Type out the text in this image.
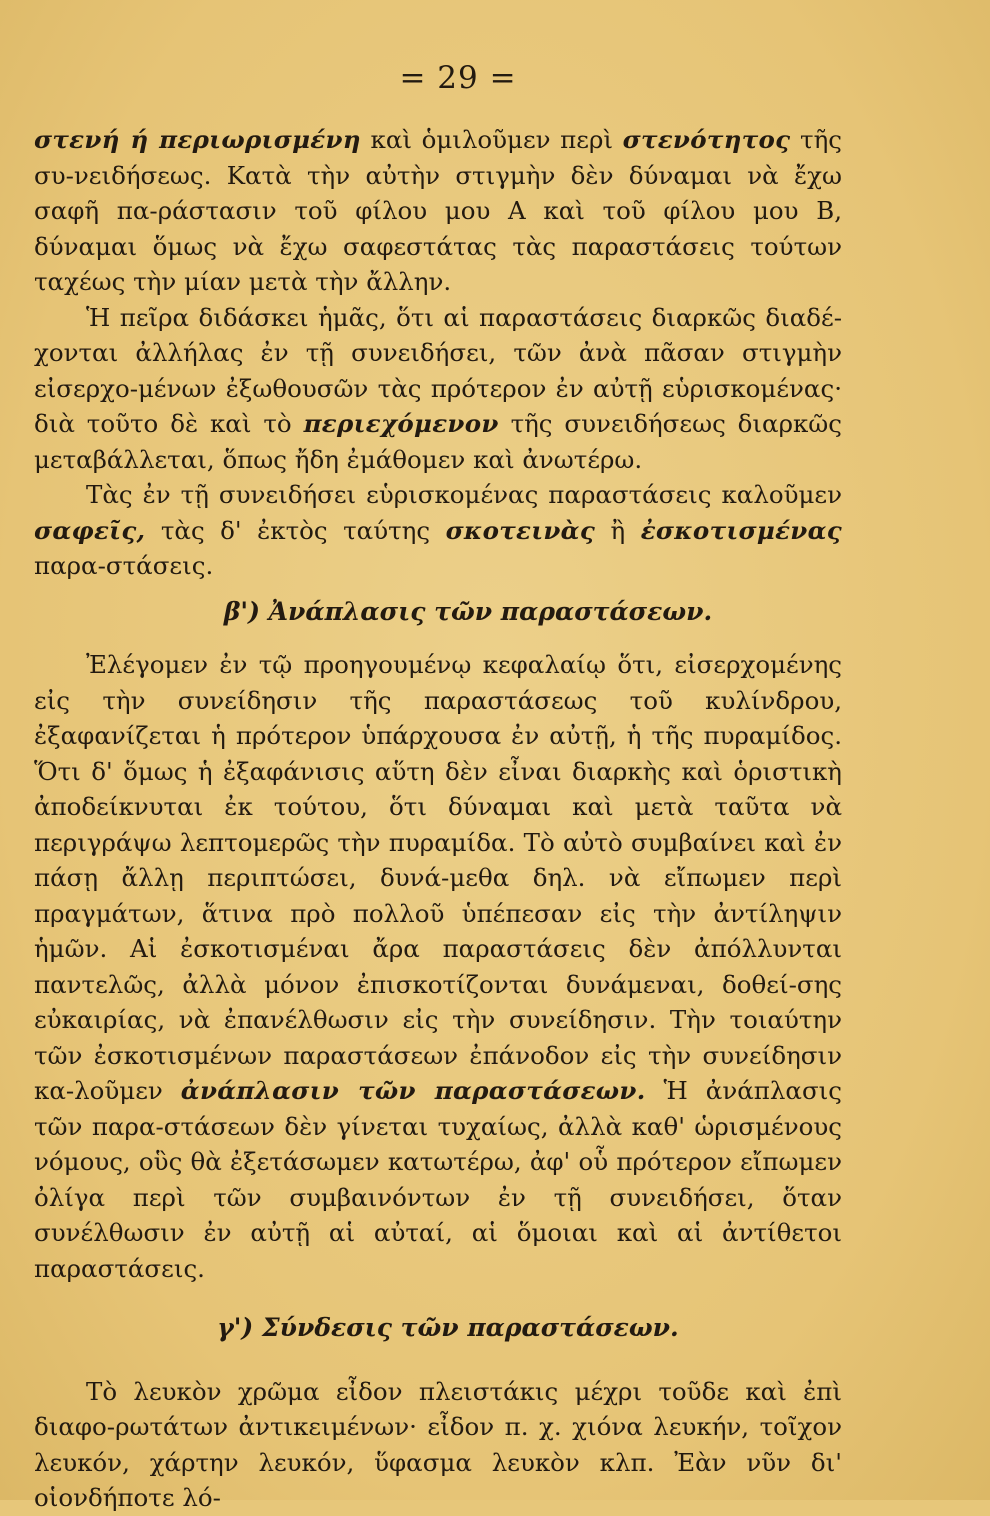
= 29 =

στενή ή περιωρισμένη καὶ ὁμιλοῦμεν περὶ στενότητος τῆς συ-νειδήσεως. Κατὰ τὴν αὐτὴν στιγμὴν δὲν δύναμαι νὰ ἔχω σαφῆ πα-ράστασιν τοῦ φίλου μου Α καὶ τοῦ φίλου μου Β, δύναμαι ὅμως νὰ ἔχω σαφεστάτας τὰς παραστάσεις τούτων ταχέως τὴν μίαν μετὰ τὴν ἄλλην.

Ἡ πεῖρα διδάσκει ἡμᾶς, ὅτι αἱ παραστάσεις διαρκῶς διαδέ-χονται ἀλλήλας ἐν τῇ συνειδήσει, τῶν ἀνὰ πᾶσαν στιγμὴν εἰσερχο-μένων ἐξωθουσῶν τὰς πρότερον ἐν αὐτῇ εὑρισκομένας· διὰ τοῦτο δὲ καὶ τὸ περιεχόμενον τῆς συνειδήσεως διαρκῶς μεταβάλλεται, ὅπως ἤδη ἐμάθομεν καὶ ἀνωτέρω.

Τὰς ἐν τῇ συνειδήσει εὑρισκομένας παραστάσεις καλοῦμεν σαφεῖς, τὰς δ' ἐκτὸς ταύτης σκοτεινὰς ἢ ἐσκοτισμένας παρα-στάσεις.

β') Ἀνάπλασις τῶν παραστάσεων.

Ἐλέγομεν ἐν τῷ προηγουμένῳ κεφαλαίῳ ὅτι, εἰσερχομένης εἰς τὴν συνείδησιν τῆς παραστάσεως τοῦ κυλίνδρου, ἐξαφανίζεται ἡ πρότερον ὑπάρχουσα ἐν αὐτῇ, ἡ τῆς πυραμίδος. Ὅτι δ' ὅμως ἡ ἐξαφάνισις αὕτη δὲν εἶναι διαρκὴς καὶ ὁριστικὴ ἀποδείκνυται ἐκ τούτου, ὅτι δύναμαι καὶ μετὰ ταῦτα νὰ περιγράψω λεπτομερῶς τὴν πυραμίδα. Τὸ αὐτὸ συμβαίνει καὶ ἐν πάσῃ ἄλλῃ περιπτώσει, δυνά-μεθα δηλ. νὰ εἴπωμεν περὶ πραγμάτων, ἅτινα πρὸ πολλοῦ ὑπέπεσαν εἰς τὴν ἀντίληψιν ἡμῶν. Αἱ ἐσκοτισμέναι ἄρα παραστάσεις δὲν ἀπόλλυνται παντελῶς, ἀλλὰ μόνον ἐπισκοτίζονται δυνάμεναι, δοθεί-σης εὐκαιρίας, νὰ ἐπανέλθωσιν εἰς τὴν συνείδησιν. Τὴν τοιαύτην τῶν ἐσκοτισμένων παραστάσεων ἐπάνοδον εἰς τὴν συνείδησιν κα-λοῦμεν ἀνάπλασιν τῶν παραστάσεων. Ἡ ἀνάπλασις τῶν παρα-στάσεων δὲν γίνεται τυχαίως, ἀλλὰ καθ' ὡρισμένους νόμους, οὓς θὰ ἐξετάσωμεν κατωτέρω, ἀφ' οὗ πρότερον εἴπωμεν ὀλίγα περὶ τῶν συμβαινόντων ἐν τῇ συνειδήσει, ὅταν συνέλθωσιν ἐν αὐτῇ αἱ αὐταί, αἱ ὅμοιαι καὶ αἱ ἀντίθετοι παραστάσεις.

γ') Σύνδεσις τῶν παραστάσεων.

Τὸ λευκὸν χρῶμα εἶδον πλειστάκις μέχρι τοῦδε καὶ ἐπὶ διαφο-ρωτάτων ἀντικειμένων· εἶδον π. χ. χιόνα λευκήν, τοῖχον λευκόν, χάρτην λευκόν, ὕφασμα λευκὸν κλπ. Ἐὰν νῦν δι' οἱονδήποτε λό-
